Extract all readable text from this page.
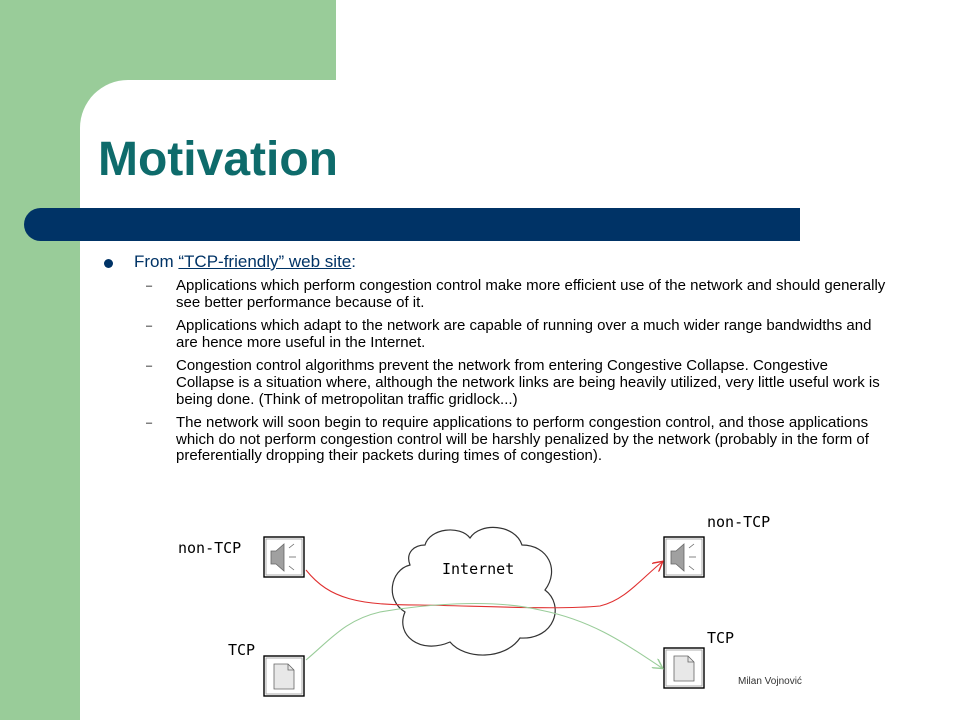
Motivation
From “TCP-friendly” web site:
– Applications which perform congestion control make more efficient use of the network and should generally see better performance because of it.
– Applications which adapt to the network are capable of running over a much wider range bandwidths and are hence more useful in the Internet.
– Congestion control algorithms prevent the network from entering Congestive Collapse. Congestive Collapse is a situation where, although the network links are being heavily utilized, very little useful work is being done. (Think of metropolitan traffic gridlock...)
– The network will soon begin to require applications to perform congestion control, and those applications which do not perform congestion control will be harshly penalized by the network (probably in the form of preferentially dropping their packets during times of congestion).
Internet
non-TCP
TCP
non-TCP
TCP
Milan Vojnović
